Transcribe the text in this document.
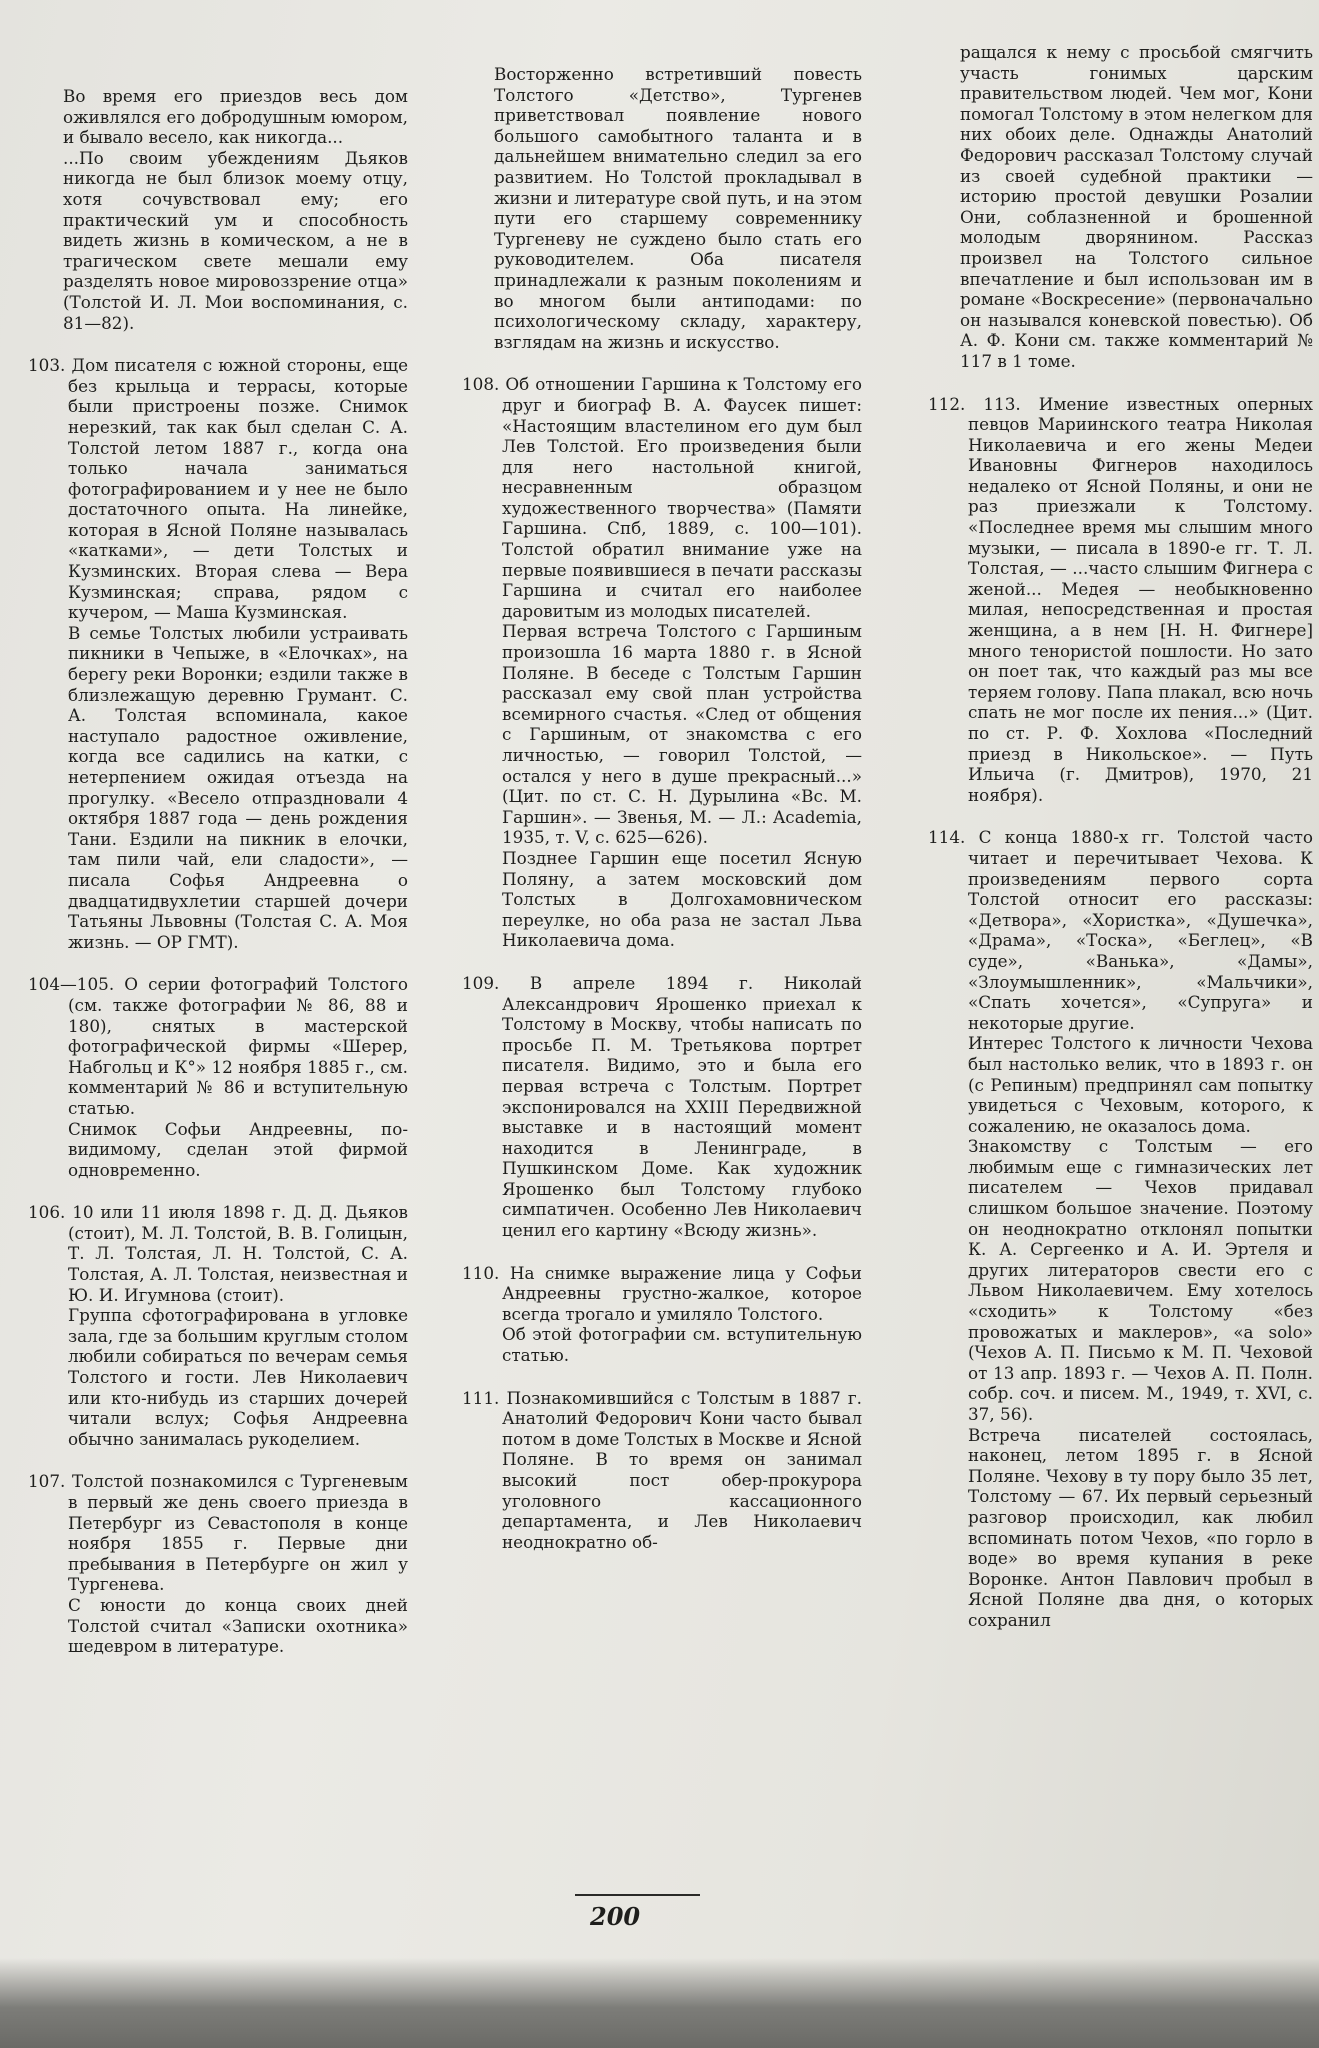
Во время его приездов весь дом оживлялся его добродушным юмором, и бывало весело, как никогда...

...По своим убеждениям Дьяков никогда не был близок моему отцу, хотя сочувствовал ему; его практический ум и способность видеть жизнь в комическом, а не в трагическом свете мешали ему разделять новое мировоззрение отца» (Толстой И. Л. Мои воспоминания, с. 81—82).

103. Дом писателя с южной стороны, еще без крыльца и террасы, которые были пристроены позже. Снимок нерезкий, так как был сделан С. А. Толстой летом 1887 г., когда она только начала заниматься фотографированием и у нее не было достаточного опыта. На линейке, которая в Ясной Поляне называлась «катками», — дети Толстых и Кузминских. Вторая слева — Вера Кузминская; справа, рядом с кучером, — Маша Кузминская.

В семье Толстых любили устраивать пикники в Чепыже, в «Елочках», на берегу реки Воронки; ездили также в близлежащую деревню Грумант. С. А. Толстая вспоминала, какое наступало радостное оживление, когда все садились на катки, с нетерпением ожидая отъезда на прогулку. «Весело отпраздновали 4 октября 1887 года — день рождения Тани. Ездили на пикник в елочки, там пили чай, ели сладости», — писала Софья Андреевна о двадцатидвухлетии старшей дочери Татьяны Львовны (Толстая С. А. Моя жизнь. — ОР ГМТ).

104—105. О серии фотографий Толстого (см. также фотографии № 86, 88 и 180), снятых в мастерской фотографической фирмы «Шерер, Набгольц и К°» 12 ноября 1885 г., см. комментарий № 86 и вступительную статью.

Снимок Софьи Андреевны, по-видимому, сделан этой фирмой одновременно.

106. 10 или 11 июля 1898 г. Д. Д. Дьяков (стоит), М. Л. Толстой, В. В. Голицын, Т. Л. Толстая, Л. Н. Толстой, С. А. Толстая, А. Л. Толстая, неизвестная и Ю. И. Игумнова (стоит).

Группа сфотографирована в угловке зала, где за большим круглым столом любили собираться по вечерам семья Толстого и гости. Лев Николаевич или кто-нибудь из старших дочерей читали вслух; Софья Андреевна обычно занималась рукоделием.

107. Толстой познакомился с Тургеневым в первый же день своего приезда в Петербург из Севастополя в конце ноября 1855 г. Первые дни пребывания в Петербурге он жил у Тургенева.

С юности до конца своих дней Толстой считал «Записки охотника» шедевром в литературе.

Восторженно встретивший повесть Толстого «Детство», Тургенев приветствовал появление нового большого самобытного таланта и в дальнейшем внимательно следил за его развитием. Но Толстой прокладывал в жизни и литературе свой путь, и на этом пути его старшему современнику Тургеневу не суждено было стать его руководителем. Оба писателя принадлежали к разным поколениям и во многом были антиподами: по психологическому складу, характеру, взглядам на жизнь и искусство.

108. Об отношении Гаршина к Толстому его друг и биограф В. А. Фаусек пишет: «Настоящим властелином его дум был Лев Толстой. Его произведения были для него настольной книгой, несравненным образцом художественного творчества» (Памяти Гаршина. Спб, 1889, с. 100—101). Толстой обратил внимание уже на первые появившиеся в печати рассказы Гаршина и считал его наиболее даровитым из молодых писателей.

Первая встреча Толстого с Гаршиным произошла 16 марта 1880 г. в Ясной Поляне. В беседе с Толстым Гаршин рассказал ему свой план устройства всемирного счастья. «След от общения с Гаршиным, от знакомства с его личностью, — говорил Толстой, — остался у него в душе прекрасный...» (Цит. по ст. С. Н. Дурылина «Вс. М. Гаршин». — Звенья, М. — Л.: Academia, 1935, т. V, с. 625—626).

Позднее Гаршин еще посетил Ясную Поляну, а затем московский дом Толстых в Долгохамовническом переулке, но оба раза не застал Льва Николаевича дома.

109. В апреле 1894 г. Николай Александрович Ярошенко приехал к Толстому в Москву, чтобы написать по просьбе П. М. Третьякова портрет писателя. Видимо, это и была его первая встреча с Толстым. Портрет экспонировался на XXIII Передвижной выставке и в настоящий момент находится в Ленинграде, в Пушкинском Доме. Как художник Ярошенко был Толстому глубоко симпатичен. Особенно Лев Николаевич ценил его картину «Всюду жизнь».

110. На снимке выражение лица у Софьи Андреевны грустно-жалкое, которое всегда трогало и умиляло Толстого.

Об этой фотографии см. вступительную статью.

111. Познакомившийся с Толстым в 1887 г. Анатолий Федорович Кони часто бывал потом в доме Толстых в Москве и Ясной Поляне. В то время он занимал высокий пост обер-прокурора уголовного кассационного департамента, и Лев Николаевич неоднократно об-

ращался к нему с просьбой смягчить участь гонимых царским правительством людей. Чем мог, Кони помогал Толстому в этом нелегком для них обоих деле. Однажды Анатолий Федорович рассказал Толстому случай из своей судебной практики — историю простой девушки Розалии Они, соблазненной и брошенной молодым дворянином. Рассказ произвел на Толстого сильное впечатление и был использован им в романе «Воскресение» (первоначально он назывался коневской повестью). Об А. Ф. Кони см. также комментарий № 117 в 1 томе.

112. 113. Имение известных оперных певцов Мариинского театра Николая Николаевича и его жены Медеи Ивановны Фигнеров находилось недалеко от Ясной Поляны, и они не раз приезжали к Толстому. «Последнее время мы слышим много музыки, — писала в 1890-е гг. Т. Л. Толстая, — ...часто слышим Фигнера с женой... Медея — необыкновенно милая, непосредственная и простая женщина, а в нем [Н. Н. Фигнере] много тенористой пошлости. Но зато он поет так, что каждый раз мы все теряем голову. Папа плакал, всю ночь спать не мог после их пения...» (Цит. по ст. Р. Ф. Хохлова «Последний приезд в Никольское». — Путь Ильича (г. Дмитров), 1970, 21 ноября).

114. С конца 1880-х гг. Толстой часто читает и перечитывает Чехова. К произведениям первого сорта Толстой относит его рассказы: «Детвора», «Хористка», «Душечка», «Драма», «Тоска», «Беглец», «В суде», «Ванька», «Дамы», «Злоумышленник», «Мальчики», «Спать хочется», «Супруга» и некоторые другие.

Интерес Толстого к личности Чехова был настолько велик, что в 1893 г. он (с Репиным) предпринял сам попытку увидеться с Чеховым, которого, к сожалению, не оказалось дома.

Знакомству с Толстым — его любимым еще с гимназических лет писателем — Чехов придавал слишком большое значение. Поэтому он неоднократно отклонял попытки К. А. Сергеенко и А. И. Эртеля и других литераторов свести его с Львом Николаевичем. Ему хотелось «сходить» к Толстому «без провожатых и маклеров», «a solo» (Чехов А. П. Письмо к М. П. Чеховой от 13 апр. 1893 г. — Чехов А. П. Полн. собр. соч. и писем. М., 1949, т. XVI, с. 37, 56).

Встреча писателей состоялась, наконец, летом 1895 г. в Ясной Поляне. Чехову в ту пору было 35 лет, Толстому — 67. Их первый серьезный разговор происходил, как любил вспоминать потом Чехов, «по горло в воде» во время купания в реке Воронке. Антон Павлович пробыл в Ясной Поляне два дня, о которых сохранил

200
